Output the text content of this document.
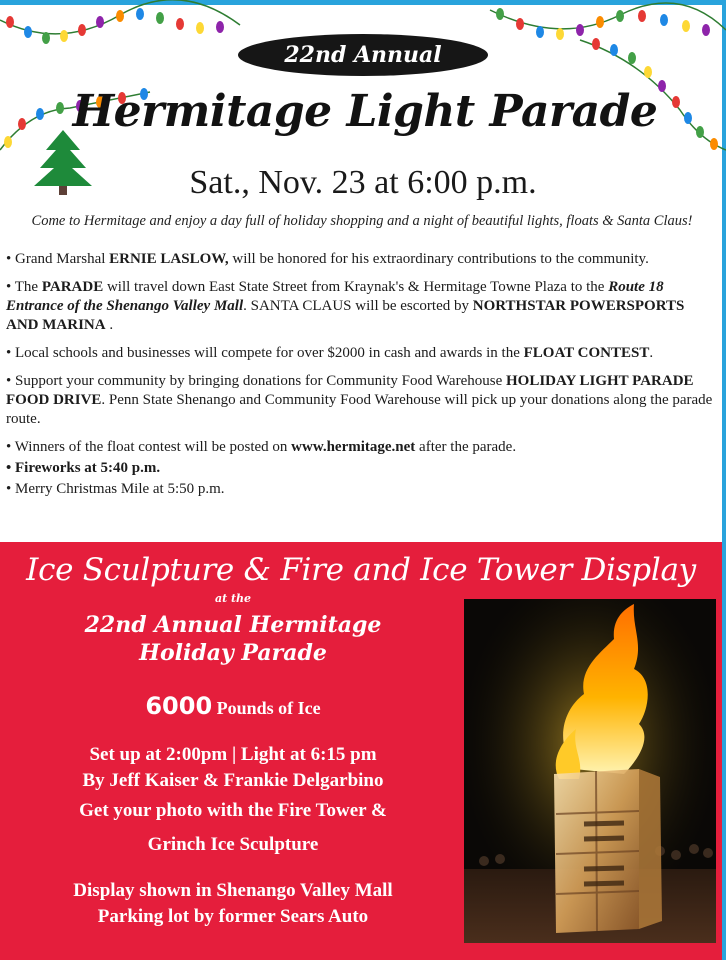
22nd Annual
Hermitage Light Parade
Sat., Nov. 23 at 6:00 p.m.
Come to Hermitage and enjoy a day full of holiday shopping and a night of beautiful lights, floats & Santa Claus!

• Grand Marshal ERNIE LASLOW, will be honored for his extraordinary contributions to the community.

• The PARADE will travel down East State Street from Kraynak's & Hermitage Towne Plaza to the Route 18 Entrance of the Shenango Valley Mall. SANTA CLAUS will be escorted by NORTHSTAR POWERSPORTS AND MARINA .

• Local schools and businesses will compete for over $2000 in cash and awards in the FLOAT CONTEST.

• Support your community by bringing donations for Community Food Warehouse HOLIDAY LIGHT PARADE FOOD DRIVE. Penn State Shenango and Community Food Warehouse will pick up your donations along the parade route.

• Winners of the float contest will be posted on www.hermitage.net after the parade.

• Fireworks at 5:40 p.m.

• Merry Christmas Mile at 5:50 p.m.

Ice Sculpture & Fire and Ice Tower Display
at the
22nd Annual Hermitage
Holiday Parade
6000 Pounds of Ice
Set up at 2:00pm | Light at 6:15 pm
By Jeff Kaiser & Frankie Delgarbino
Get your photo with the Fire Tower &
Grinch Ice Sculpture
Display shown in Shenango Valley Mall
Parking lot by former Sears Auto
